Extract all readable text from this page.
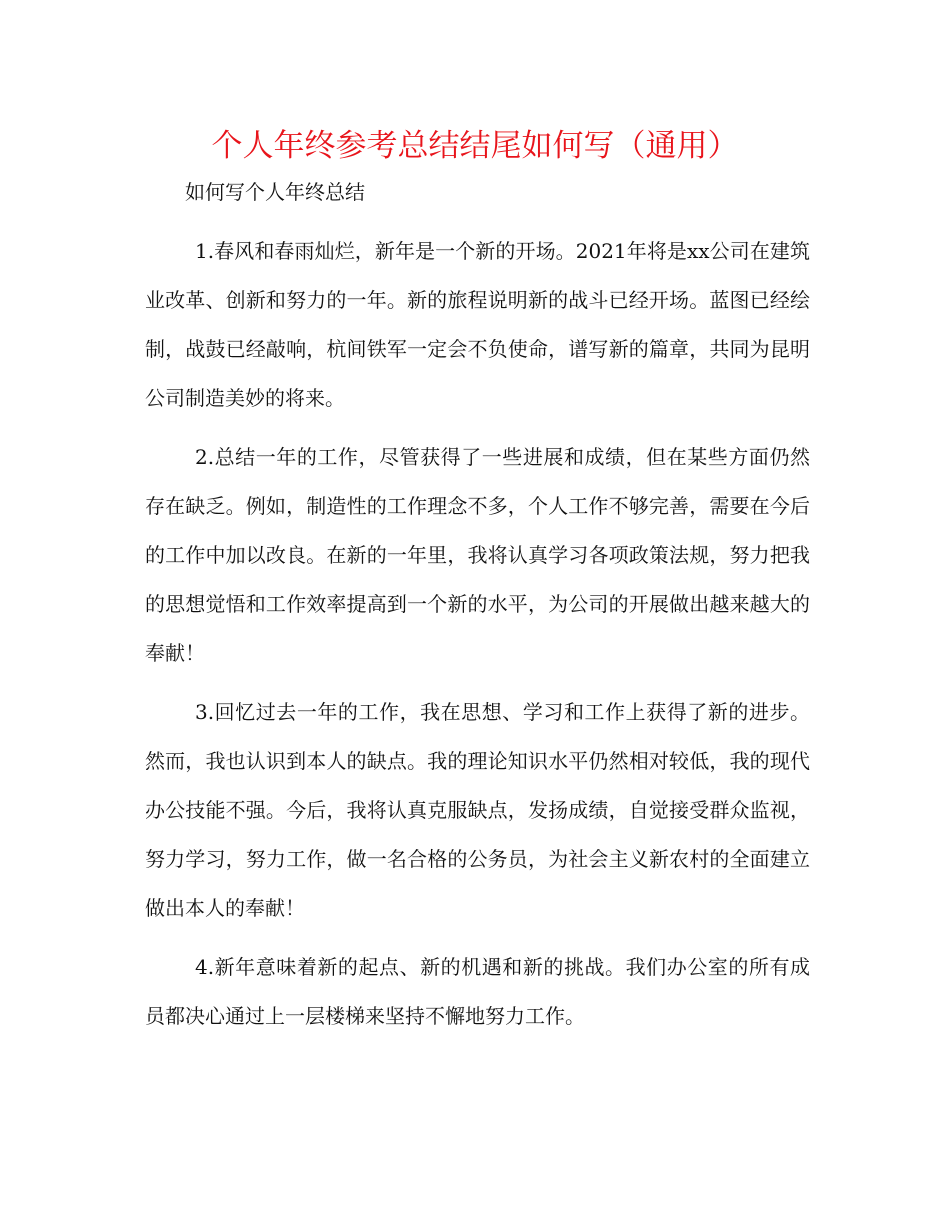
个人年终参考总结结尾如何写（通用）

如何写个人年终总结

1.春风和春雨灿烂，新年是一个新的开场。2021年将是xx公司在建筑业改革、创新和努力的一年。新的旅程说明新的战斗已经开场。蓝图已经绘制，战鼓已经敲响，杭间铁军一定会不负使命，谱写新的篇章，共同为昆明公司制造美妙的将来。

2.总结一年的工作，尽管获得了一些进展和成绩，但在某些方面仍然存在缺乏。例如，制造性的工作理念不多，个人工作不够完善，需要在今后的工作中加以改良。在新的一年里，我将认真学习各项政策法规，努力把我的思想觉悟和工作效率提高到一个新的水平，为公司的开展做出越来越大的奉献！

3.回忆过去一年的工作，我在思想、学习和工作上获得了新的进步。然而，我也认识到本人的缺点。我的理论知识水平仍然相对较低，我的现代办公技能不强。今后，我将认真克服缺点，发扬成绩，自觉接受群众监视，努力学习，努力工作，做一名合格的公务员，为社会主义新农村的全面建立做出本人的奉献！

4.新年意味着新的起点、新的机遇和新的挑战。我们办公室的所有成员都决心通过上一层楼梯来坚持不懈地努力工作。
